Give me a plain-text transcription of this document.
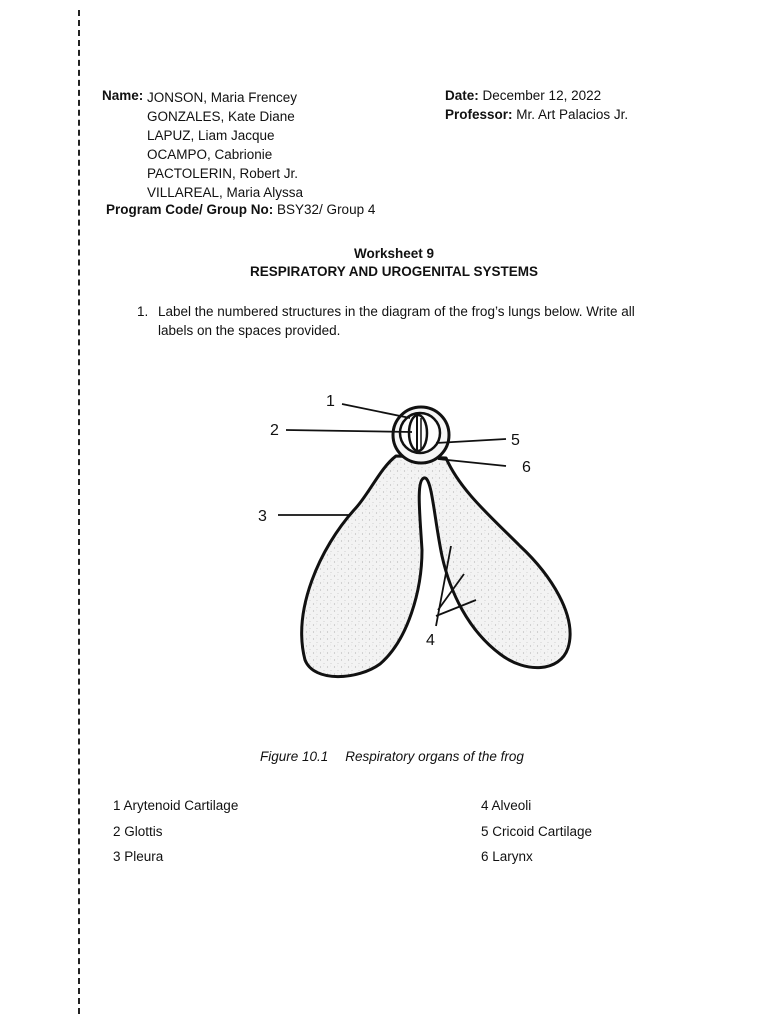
Name: JONSON, Maria Frencey
GONZALES, Kate Diane
LAPUZ, Liam Jacque
OCAMPO, Cabrionie
PACTOLERIN, Robert Jr.
VILLAREAL, Maria Alyssa
Date: December 12, 2022
Professor: Mr. Art Palacios Jr.
Program Code/ Group No: BSY32/ Group 4
Worksheet 9
RESPIRATORY AND UROGENITAL SYSTEMS
1. Label the numbered structures in the diagram of the frog’s lungs below. Write all labels on the spaces provided.
1
2
3
4
5
6
Figure 10.1 Respiratory organs of the frog
1 Arytenoid Cartilage
2 Glottis
3 Pleura
4 Alveoli
5 Cricoid Cartilage
6 Larynx
